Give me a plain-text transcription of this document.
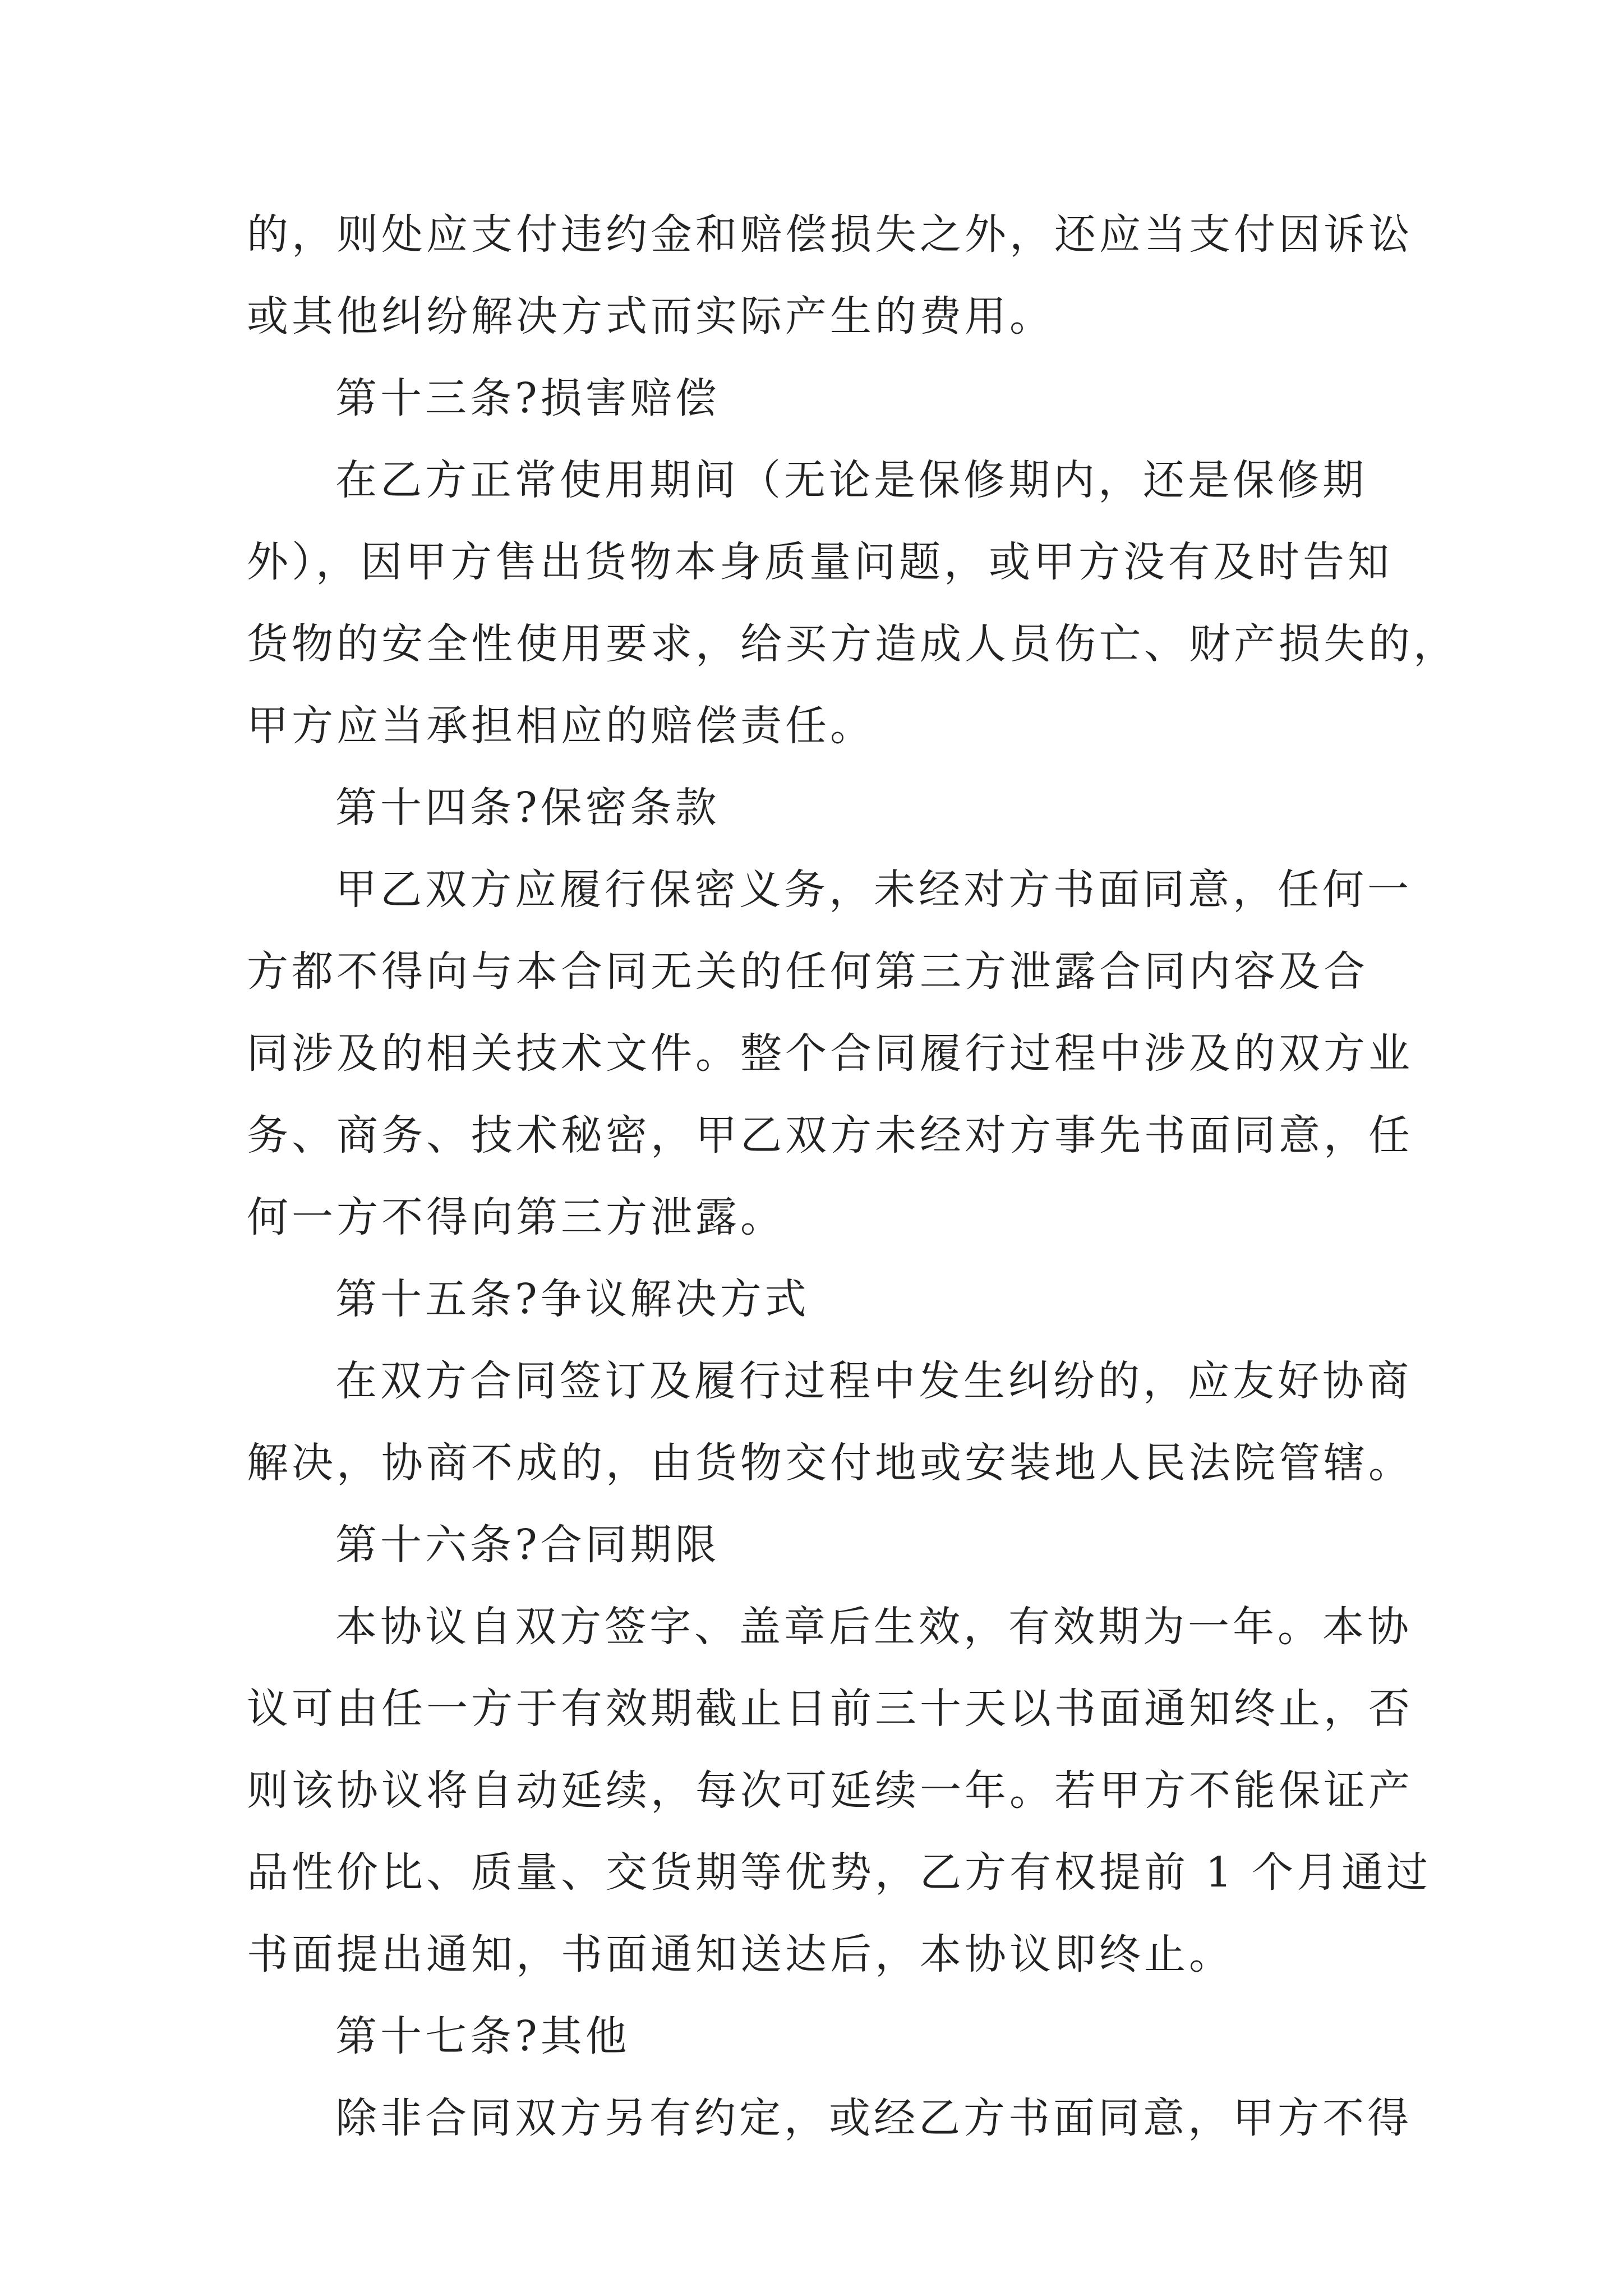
的，则处应支付违约金和赔偿损失之外，还应当支付因诉讼
或其他纠纷解决方式而实际产生的费用。
第十三条?损害赔偿
在乙方正常使用期间（无论是保修期内，还是保修期
外），因甲方售出货物本身质量问题，或甲方没有及时告知
货物的安全性使用要求，给买方造成人员伤亡、财产损失的，
甲方应当承担相应的赔偿责任。
第十四条?保密条款
甲乙双方应履行保密义务，未经对方书面同意，任何一
方都不得向与本合同无关的任何第三方泄露合同内容及合
同涉及的相关技术文件。整个合同履行过程中涉及的双方业
务、商务、技术秘密，甲乙双方未经对方事先书面同意，任
何一方不得向第三方泄露。
第十五条?争议解决方式
在双方合同签订及履行过程中发生纠纷的，应友好协商
解决，协商不成的，由货物交付地或安装地人民法院管辖。
第十六条?合同期限
本协议自双方签字、盖章后生效，有效期为一年。本协
议可由任一方于有效期截止日前三十天以书面通知终止，否
则该协议将自动延续，每次可延续一年。若甲方不能保证产
品性价比、质量、交货期等优势，乙方有权提前 1 个月通过
书面提出通知，书面通知送达后，本协议即终止。
第十七条?其他
除非合同双方另有约定，或经乙方书面同意，甲方不得
